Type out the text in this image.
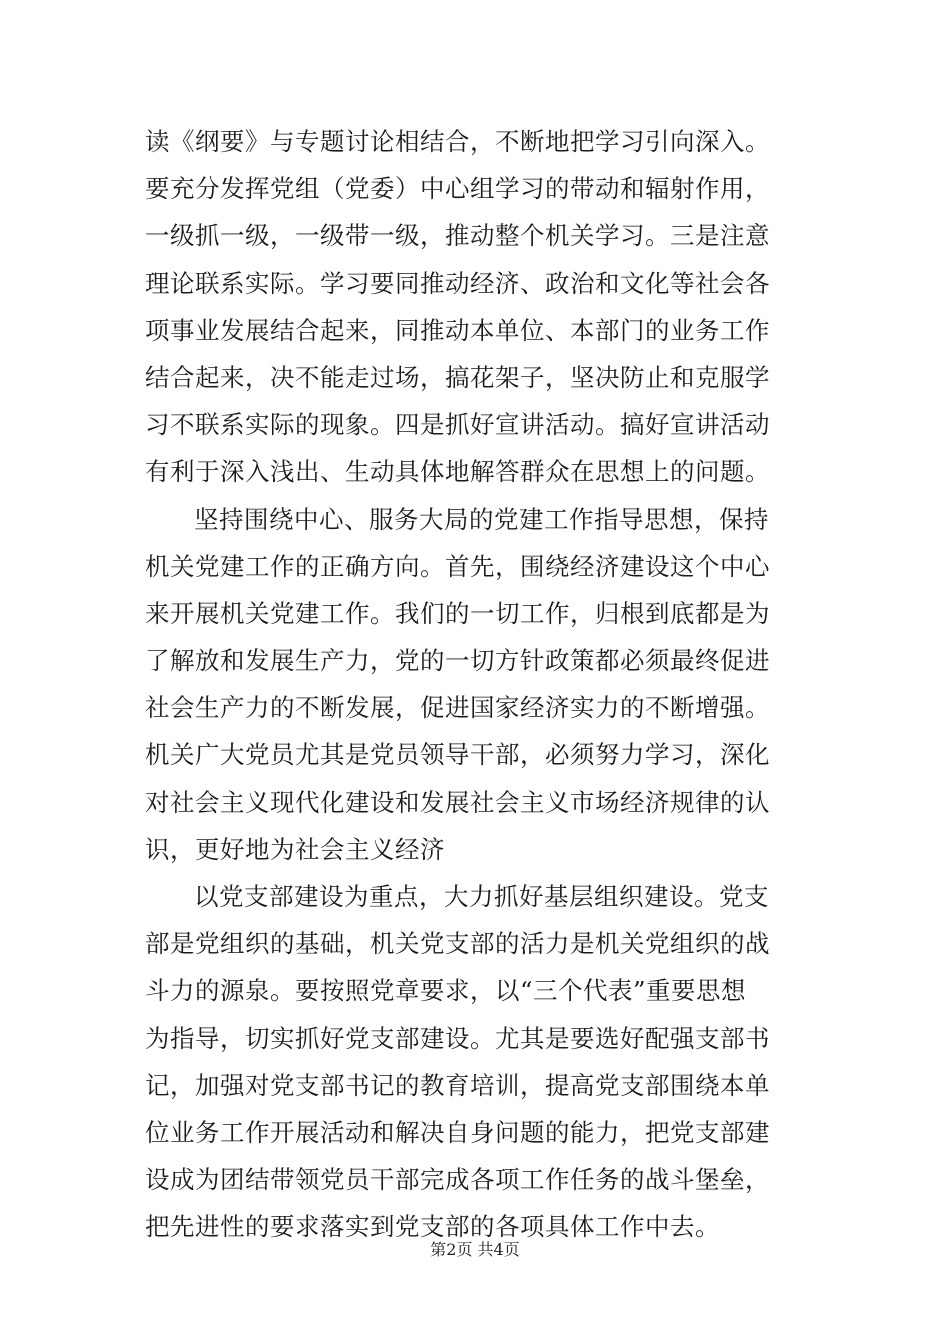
读《纲要》与专题讨论相结合，不断地把学习引向深入。
要充分发挥党组（党委）中心组学习的带动和辐射作用，
一级抓一级，一级带一级，推动整个机关学习。三是注意
理论联系实际。学习要同推动经济、政治和文化等社会各
项事业发展结合起来，同推动本单位、本部门的业务工作
结合起来，决不能走过场，搞花架子，坚决防止和克服学
习不联系实际的现象。四是抓好宣讲活动。搞好宣讲活动
有利于深入浅出、生动具体地解答群众在思想上的问题。
坚持围绕中心、服务大局的党建工作指导思想，保持
机关党建工作的正确方向。首先，围绕经济建设这个中心
来开展机关党建工作。我们的一切工作，归根到底都是为
了解放和发展生产力，党的一切方针政策都必须最终促进
社会生产力的不断发展，促进国家经济实力的不断增强。
机关广大党员尤其是党员领导干部，必须努力学习，深化
对社会主义现代化建设和发展社会主义市场经济规律的认
识，更好地为社会主义经济
以党支部建设为重点，大力抓好基层组织建设。党支
部是党组织的基础，机关党支部的活力是机关党组织的战
斗力的源泉。要按照党章要求，以“三个代表”重要思想
为指导，切实抓好党支部建设。尤其是要选好配强支部书
记，加强对党支部书记的教育培训，提高党支部围绕本单
位业务工作开展活动和解决自身问题的能力，把党支部建
设成为团结带领党员干部完成各项工作任务的战斗堡垒，
把先进性的要求落实到党支部的各项具体工作中去。
第2页 共4页
